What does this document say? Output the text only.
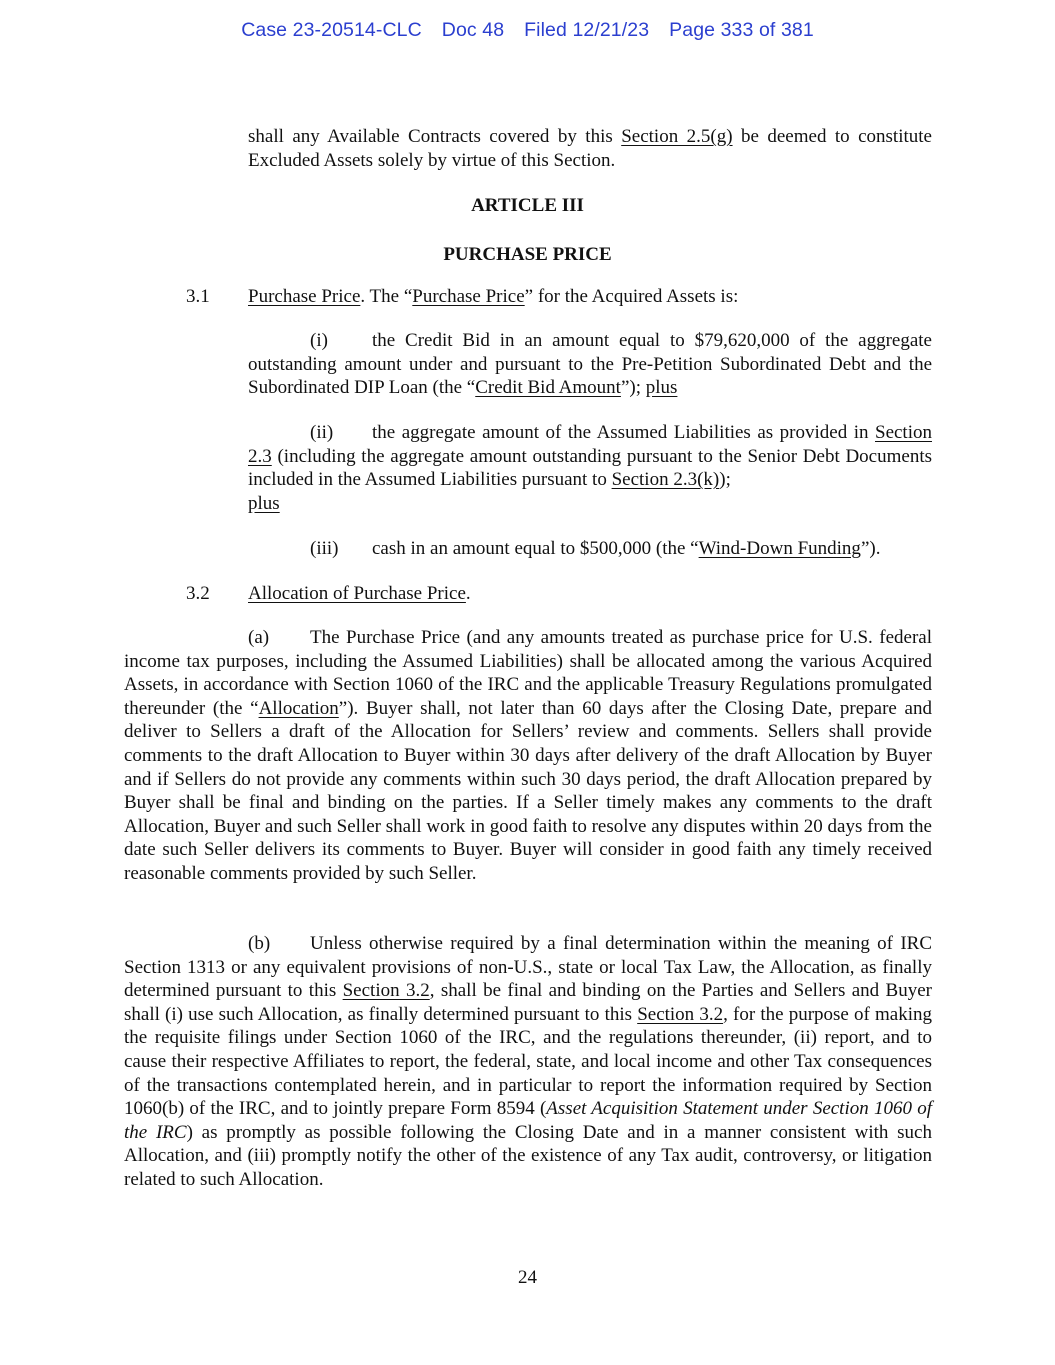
Case 23-20514-CLC Doc 48 Filed 12/21/23 Page 333 of 381
shall any Available Contracts covered by this Section 2.5(g) be deemed to constitute Excluded Assets solely by virtue of this Section.
ARTICLE III
PURCHASE PRICE
3.1 Purchase Price. The “Purchase Price” for the Acquired Assets is:
(i) the Credit Bid in an amount equal to $79,620,000 of the aggregate outstanding amount under and pursuant to the Pre-Petition Subordinated Debt and the Subordinated DIP Loan (the “Credit Bid Amount”); plus
(ii) the aggregate amount of the Assumed Liabilities as provided in Section 2.3 (including the aggregate amount outstanding pursuant to the Senior Debt Documents included in the Assumed Liabilities pursuant to Section 2.3(k));
plus
(iii) cash in an amount equal to $500,000 (the “Wind-Down Funding”).
3.2 Allocation of Purchase Price.
(a) The Purchase Price (and any amounts treated as purchase price for U.S. federal income tax purposes, including the Assumed Liabilities) shall be allocated among the various Acquired Assets, in accordance with Section 1060 of the IRC and the applicable Treasury Regulations promulgated thereunder (the “Allocation”). Buyer shall, not later than 60 days after the Closing Date, prepare and deliver to Sellers a draft of the Allocation for Sellers’ review and comments. Sellers shall provide comments to the draft Allocation to Buyer within 30 days after delivery of the draft Allocation by Buyer and if Sellers do not provide any comments within such 30 days period, the draft Allocation prepared by Buyer shall be final and binding on the parties. If a Seller timely makes any comments to the draft Allocation, Buyer and such Seller shall work in good faith to resolve any disputes within 20 days from the date such Seller delivers its comments to Buyer. Buyer will consider in good faith any timely received reasonable comments provided by such Seller.
(b) Unless otherwise required by a final determination within the meaning of IRC Section 1313 or any equivalent provisions of non-U.S., state or local Tax Law, the Allocation, as finally determined pursuant to this Section 3.2, shall be final and binding on the Parties and Sellers and Buyer shall (i) use such Allocation, as finally determined pursuant to this Section 3.2, for the purpose of making the requisite filings under Section 1060 of the IRC, and the regulations thereunder, (ii) report, and to cause their respective Affiliates to report, the federal, state, and local income and other Tax consequences of the transactions contemplated herein, and in particular to report the information required by Section 1060(b) of the IRC, and to jointly prepare Form 8594 (Asset Acquisition Statement under Section 1060 of the IRC) as promptly as possible following the Closing Date and in a manner consistent with such Allocation, and (iii) promptly notify the other of the existence of any Tax audit, controversy, or litigation related to such Allocation.
24
